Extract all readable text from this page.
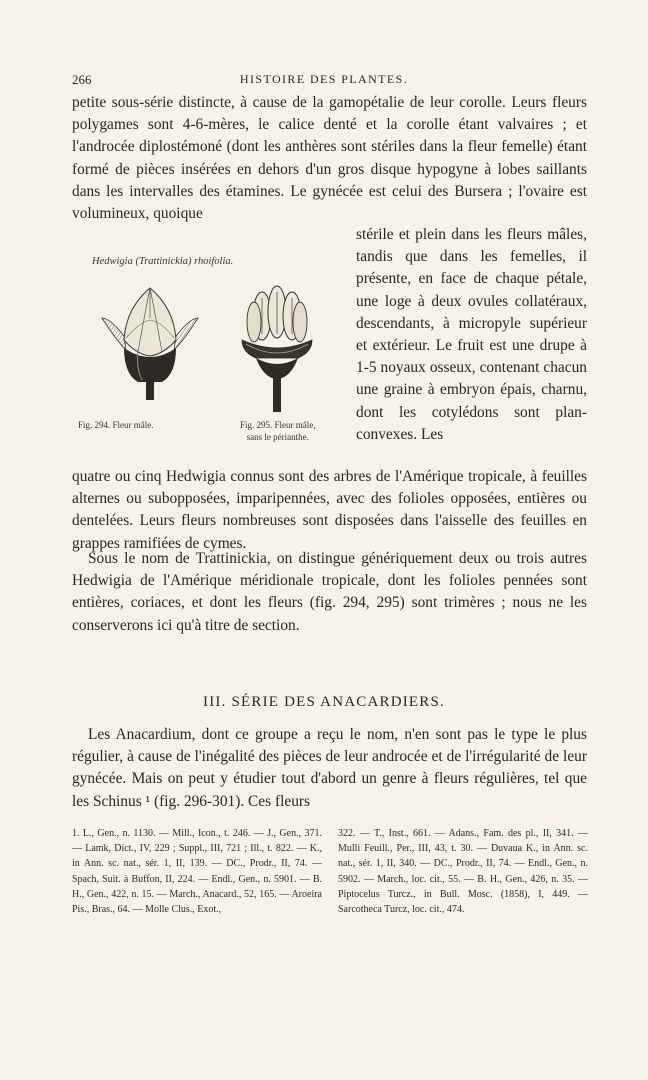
266	HISTOIRE DES PLANTES.
petite sous-série distincte, à cause de la gamopétalie de leur corolle. Leurs fleurs polygames sont 4-6-mères, le calice denté et la corolle étant valvaires ; et l'androcée diplostémoné (dont les anthères sont stériles dans la fleur femelle) étant formé de pièces insérées en dehors d'un gros disque hypogyne à lobes saillants dans les intervalles des étamines. Le gynécée est celui des Bursera ; l'ovaire est volumineux, quoique
Hedwigia (Trattinickia) rhoifolia.
Fig. 294. Fleur mâle.	Fig. 295. Fleur mâle,
sans le périanthe.
stérile et plein dans les fleurs mâles, tandis que dans les femelles, il présente, en face de chaque pétale, une loge à deux ovules collatéraux, descendants, à micropyle supérieur et extérieur. Le fruit est une drupe à 1-5 noyaux osseux, contenant chacun une graine à embryon épais, charnu, dont les cotylédons sont plan-convexes. Les
quatre ou cinq Hedwigia connus sont des arbres de l'Amérique tropicale, à feuilles alternes ou subopposées, imparipennées, avec des folioles opposées, entières ou dentelées. Leurs fleurs nombreuses sont disposées dans l'aisselle des feuilles en grappes ramifiées de cymes.
Sous le nom de Trattinickia, on distingue génériquement deux ou trois autres Hedwigia de l'Amérique méridionale tropicale, dont les folioles pennées sont entières, coriaces, et dont les fleurs (fig. 294, 295) sont trimères ; nous ne les conserverons ici qu'à titre de section.
III. SÉRIE DES ANACARDIERS.
Les Anacardium, dont ce groupe a reçu le nom, n'en sont pas le type le plus régulier, à cause de l'inégalité des pièces de leur androcée et de l'irrégularité de leur gynécée. Mais on peut y étudier tout d'abord un genre à fleurs régulières, tel que les Schinus ¹ (fig. 296-301). Ces fleurs
1. L., Gen., n. 1130. — Mill., Icon., t. 246. — J., Gen., 371. — Lamk, Dict., IV, 229 ; Suppl., III, 721 ; Ill., t. 822. — K., in Ann. sc. nat., sér. 1, II, 139. — DC., Prodr., II, 74. — Spach, Suit. à Buffon, II, 224. — Endl., Gen., n. 5901. — B. H., Gen., 422, n. 15. — March., Anacard., 52, 165. — Aroeira Pis., Bras., 64. — Molle Clus., Exot.,
322. — T., Inst., 661. — Adans., Fam. des pl., II, 341. — Mulli Feuill., Per., III, 43, t. 30. — Duvaua K., in Ann. sc. nat., sér. 1, II, 340. — DC., Prodr., II, 74. — Endl., Gen., n. 5902. — March., loc. cit., 55. — B. H., Gen., 426, n. 35. — Piptocelus Turcz., in Bull. Mosc. (1858), I, 449. — Sarcotheca Turcz, loc. cit., 474.
